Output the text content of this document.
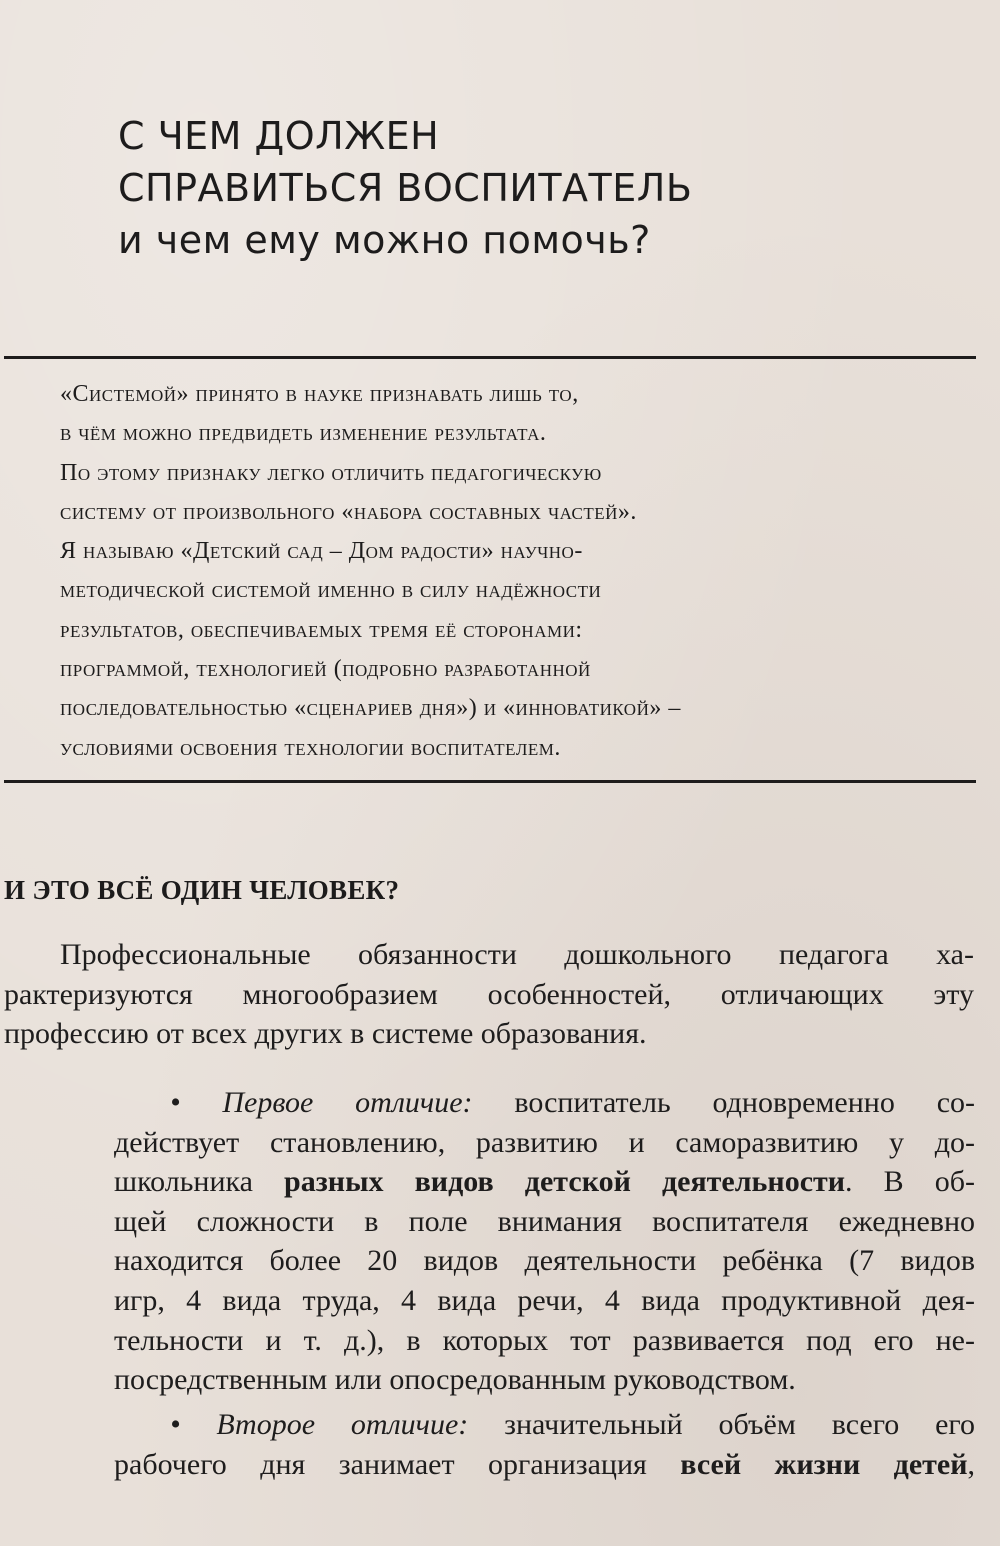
С ЧЕМ ДОЛЖЕН
СПРАВИТЬСЯ ВОСПИТАТЕЛЬ
и чем ему можно помочь?
«Системой» принято в науке признавать лишь то,
в чём можно предвидеть изменение результата.
По этому признаку легко отличить педагогическую
систему от произвольного «набора составных частей».
Я называю «Детский сад – Дом радости» научно-
методической системой именно в силу надёжности
результатов, обеспечиваемых тремя её сторонами:
программой, технологией (подробно разработанной
последовательностью «сценариев дня») и «инноватикой» –
условиями освоения технологии воспитателем.
И ЭТО ВСЁ ОДИН ЧЕЛОВЕК?
Профессиональные обязанности дошкольного педагога ха-
рактеризуются многообразием особенностей, отличающих эту
профессию от всех других в системе образования.
• Первое отличие: воспитатель одновременно со-
действует становлению, развитию и саморазвитию у до-
школьника разных видов детской деятельности. В об-
щей сложности в поле внимания воспитателя ежедневно
находится более 20 видов деятельности ребёнка (7 видов
игр, 4 вида труда, 4 вида речи, 4 вида продуктивной дея-
тельности и т. д.), в которых тот развивается под его не-
посредственным или опосредованным руководством.
• Второе отличие: значительный объём всего его
рабочего дня занимает организация всей жизни детей,
